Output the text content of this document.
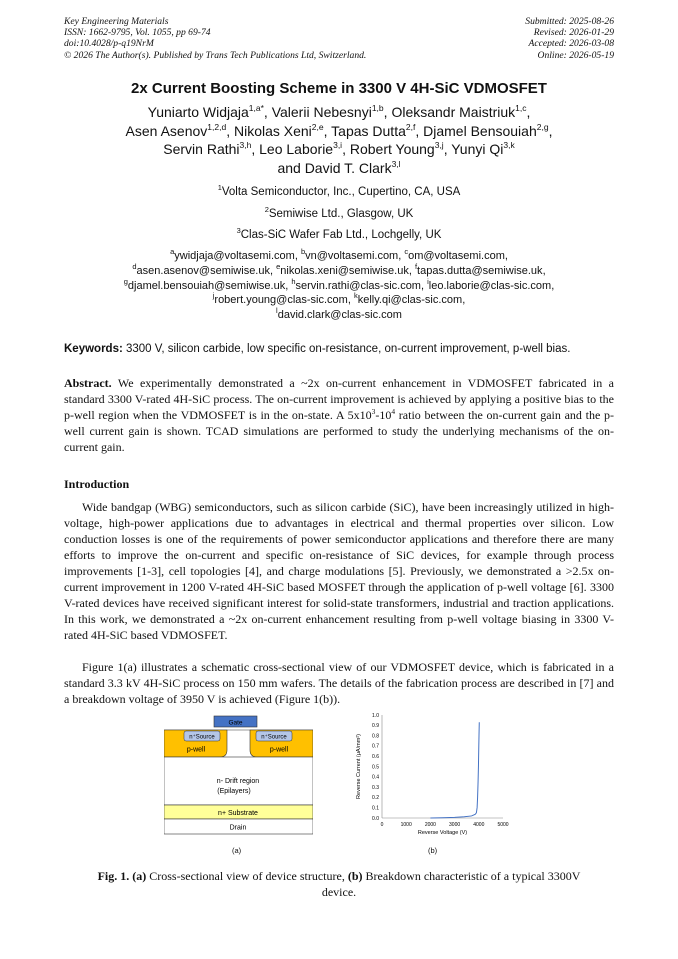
Key Engineering Materials
ISSN: 1662-9795, Vol. 1055, pp 69-74
doi:10.4028/p-q19NrM
© 2026 The Author(s). Published by Trans Tech Publications Ltd, Switzerland.
Submitted: 2025-08-26
Revised: 2026-01-29
Accepted: 2026-03-08
Online: 2026-05-19
2x Current Boosting Scheme in 3300 V 4H-SiC VDMOSFET
Yuniarto Widjaja$^{1,a*}$, Valerii Nebesnyi$^{1,b}$, Oleksandr Maistriuk$^{1,c}$,
Asen Asenov$^{1,2,d}$, Nikolas Xeni$^{2,e}$, Tapas Dutta$^{2,f}$, Djamel Bensouiah$^{2,g}$,
Servin Rathi$^{3,h}$, Leo Laborie$^{3,i}$, Robert Young$^{3,j}$, Yunyi Qi$^{3,k}$
and David T. Clark$^{3,l}$
$^1$Volta Semiconductor, Inc., Cupertino, CA, USA
$^2$Semiwise Ltd., Glasgow, UK
$^3$Clas-SiC Wafer Fab Ltd., Lochgelly, UK
$^a$ywidjaja@voltasemi.com, $^b$vn@voltasemi.com, $^c$om@voltasemi.com,
$^d$asen.asenov@semiwise.uk, $^e$nikolas.xeni@semiwise.uk, $^f$tapas.dutta@semiwise.uk,
$^g$djamel.bensouiah@semiwise.uk, $^h$servin.rathi@clas-sic.com, $^i$leo.laborie@clas-sic.com,
$^j$robert.young@clas-sic.com, $^k$kelly.qi@clas-sic.com,
$^l$david.clark@clas-sic.com
Keywords: 3300 V, silicon carbide, low specific on-resistance, on-current improvement, p-well bias.
Abstract. We experimentally demonstrated a ~2x on-current enhancement in VDMOSFET fabricated in a standard 3300 V-rated 4H-SiC process. The on-current improvement is achieved by applying a positive bias to the p-well region when the VDMOSFET is in the on-state. A $5x10^3-10^4$ ratio between the on-current gain and the p-well current gain is shown. TCAD simulations are performed to study the underlying mechanisms of the on-current gain.
Introduction

Wide bandgap (WBG) semiconductors, such as silicon carbide (SiC), have been increasingly utilized in high-voltage, high-power applications due to advantages in electrical and thermal properties over silicon. Low conduction losses is one of the requirements of power semiconductor applications and therefore there are many efforts to improve the on-current and specific on-resistance of SiC devices, for example through process improvements [1-3], cell topologies [4], and charge modulations [5]. Previously, we demonstrated a >2.5x on-current improvement in 1200 V-rated 4H-SiC based MOSFET through the application of p-well voltage [6]. 3300 V-rated devices have received significant interest for solid-state transformers, industrial and traction applications. In this work, we demonstrated a ~2x on-current enhancement resulting from p-well voltage biasing in 3300 V-rated 4H-SiC based VDMOSFET.

Figure 1(a) illustrates a schematic cross-sectional view of our VDMOSFET device, which is fabricated in a standard 3.3 kV 4H-SiC process on 150 mm wafers. The details of the fabrication process are described in [7] and a breakdown voltage of 3950 V is achieved (Figure 1(b)).

Gate
n⁺Source	n⁺Source
p-well	p-well
n- Drift region
(Epilayers)
n+ Substrate
Drain
(a)
0	1000	2000	3000	4000	5000
0.0
0.1
0.2
0.3
0.4
0.5
0.6
0.7
0.8
0.9
1.0
Reverse Voltage (V)
Reverse Current (μA/mm²)
(b)
Fig. 1. (a) Cross-sectional view of device structure, (b) Breakdown characteristic of a typical 3300V device.
